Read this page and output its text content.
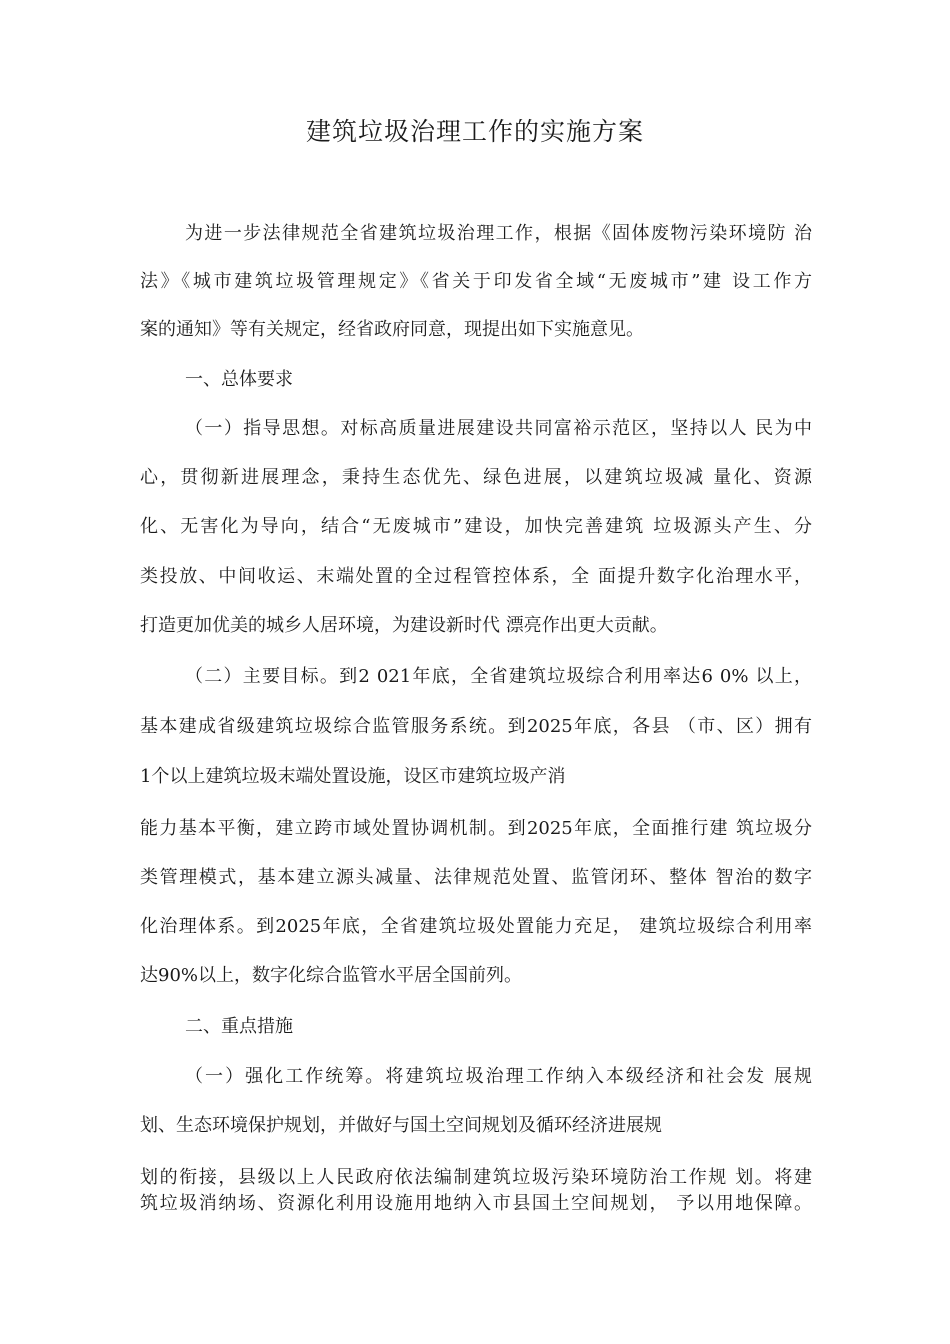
建筑垃圾治理工作的实施方案
为进一步法律规范全省建筑垃圾治理工作，根据《固体废物污染环境防 治
法》《城市建筑垃圾管理规定》《省关于印发省全域“无废城市”建 设工作方
案的通知》等有关规定，经省政府同意，现提出如下实施意见。
一、总体要求
（一）指导思想。对标高质量进展建设共同富裕示范区，坚持以人 民为中
心，贯彻新进展理念，秉持生态优先、绿色进展，以建筑垃圾减 量化、资源
化、无害化为导向，结合“无废城市”建设，加快完善建筑 垃圾源头产生、分
类投放、中间收运、末端处置的全过程管控体系，全 面提升数字化治理水平，
打造更加优美的城乡人居环境，为建设新时代 漂亮作出更大贡献。
（二）主要目标。到2 021年底，全省建筑垃圾综合利用率达6 0% 以上，
基本建成省级建筑垃圾综合监管服务系统。到2025年底，各县 （市、区）拥有
1个以上建筑垃圾末端处置设施，设区市建筑垃圾产消
能力基本平衡，建立跨市域处置协调机制。到2025年底，全面推行建 筑垃圾分
类管理模式，基本建立源头减量、法律规范处置、监管闭环、整体 智治的数字
化治理体系。到2025年底，全省建筑垃圾处置能力充足， 建筑垃圾综合利用率
达90%以上，数字化综合监管水平居全国前列。
二、重点措施
（一）强化工作统筹。将建筑垃圾治理工作纳入本级经济和社会发 展规
划、生态环境保护规划，并做好与国土空间规划及循环经济进展规
划的衔接，县级以上人民政府依法编制建筑垃圾污染环境防治工作规 划。将建
筑垃圾消纳场、资源化利用设施用地纳入市县国土空间规划， 予以用地保障。
